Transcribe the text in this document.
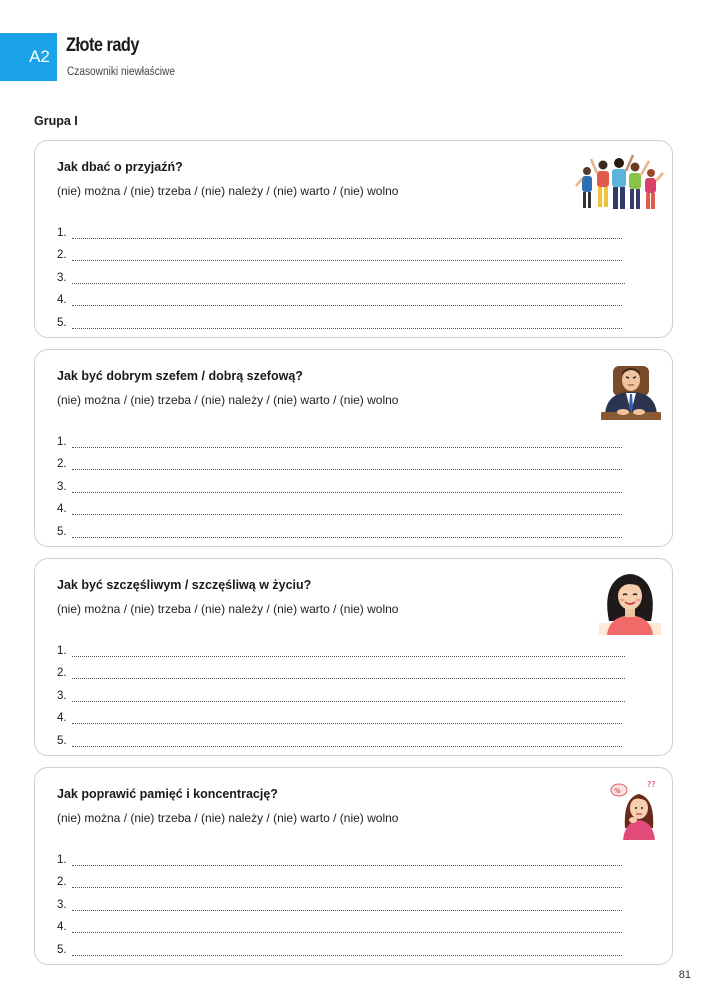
A2
Złote rady

Czasowniki niewłaściwe

Grupa I

Jak dbać o przyjaźń?

(nie) można / (nie) trzeba / (nie) należy / (nie) warto / (nie) wolno

1.
2.
3.
4.
5.

Jak być dobrym szefem / dobrą szefową?

(nie) można / (nie) trzeba / (nie) należy / (nie) warto / (nie) wolno

1.
2.
3.
4.
5.

Jak być szczęśliwym / szczęśliwą w życiu?

(nie) można / (nie) trzeba / (nie) należy / (nie) warto / (nie) wolno

1.
2.
3.
4.
5.

Jak poprawić pamięć i koncentrację?

(nie) można / (nie) trzeba / (nie) należy / (nie) warto / (nie) wolno

1.
2.
3.
4.
5.
%
??

81
